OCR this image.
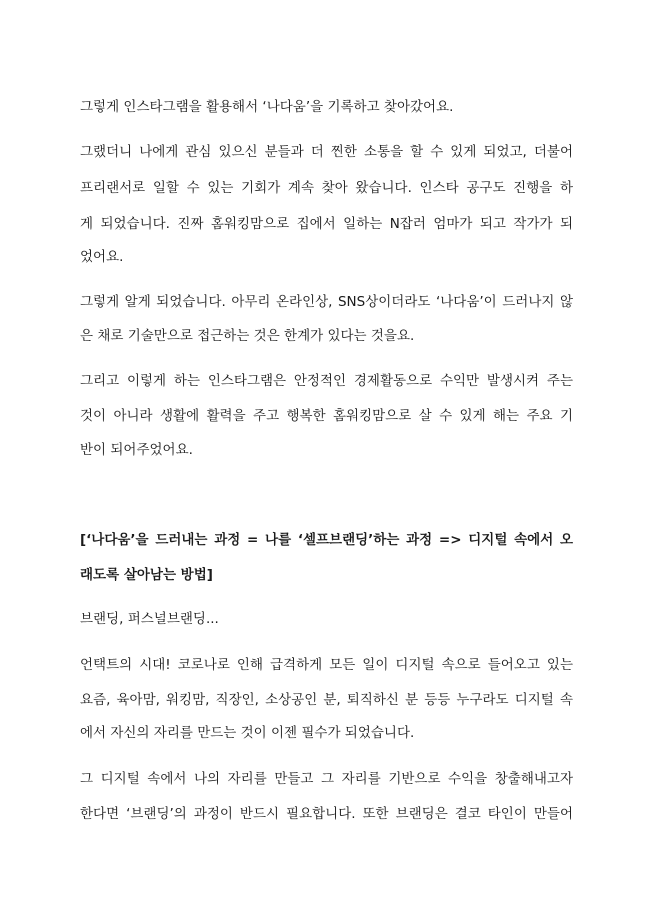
그렇게 인스타그램을 활용해서 ‘나다움’을 기록하고 찾아갔어요.
그랬더니 나에게 관심 있으신 분들과 더 찐한 소통을 할 수 있게 되었고, 더불어
프리랜서로 일할 수 있는 기회가 계속 찾아 왔습니다. 인스타 공구도 진행을 하
게 되었습니다. 진짜 홈워킹맘으로 집에서 일하는 N잡러 엄마가 되고 작가가 되
었어요.
그렇게 알게 되었습니다. 아무리 온라인상, SNS상이더라도 ‘나다움’이 드러나지 않
은 채로 기술만으로 접근하는 것은 한계가 있다는 것을요.
그리고 이렇게 하는 인스타그램은 안정적인 경제활동으로 수익만 발생시켜 주는
것이 아니라 생활에 활력을 주고 행복한 홈워킹맘으로 살 수 있게 해는 주요 기
반이 되어주었어요.
[‘나다움’을 드러내는 과정 = 나를 ‘셀프브랜딩’하는 과정 => 디지털 속에서 오
래도록 살아남는 방법]
브랜딩, 퍼스널브랜딩...
언택트의 시대! 코로나로 인해 급격하게 모든 일이 디지털 속으로 들어오고 있는
요즘, 육아맘, 워킹맘, 직장인, 소상공인 분, 퇴직하신 분 등등 누구라도 디지털 속
에서 자신의 자리를 만드는 것이 이젠 필수가 되었습니다.
그 디지털 속에서 나의 자리를 만들고 그 자리를 기반으로 수익을 창출해내고자
한다면 ‘브랜딩’의 과정이 반드시 필요합니다. 또한 브랜딩은 결코 타인이 만들어
